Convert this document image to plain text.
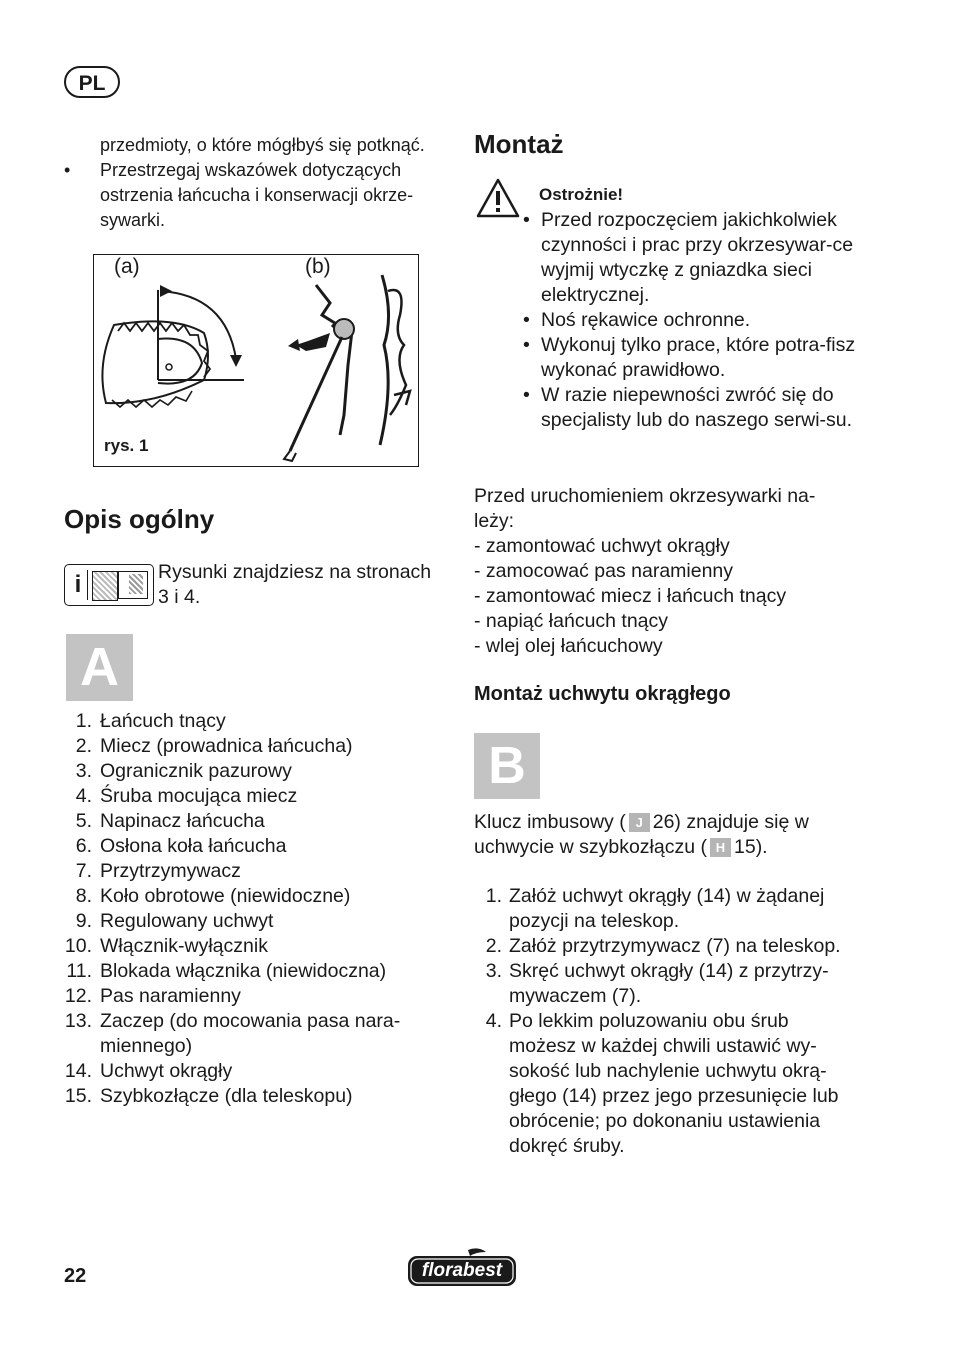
PL
przedmioty, o które mógłbyś się potknąć.
• Przestrzegaj wskazówek dotyczących ostrzenia łańcucha i konserwacji okrze-sywarki.
(a)	(b)
rys. 1
Opis ogólny
i	Rysunki znajdziesz na stronach
3 i 4.
A
1. Łańcuch tnący
2. Miecz (prowadnica łańcucha)
3. Ogranicznik pazurowy
4. Śruba mocująca miecz
5. Napinacz łańcucha
6. Osłona koła łańcucha
7. Przytrzymywacz
8. Koło obrotowe (niewidoczne)
9. Regulowany uchwyt
10. Włącznik-wyłącznik
11. Blokada włącznika (niewidoczna)
12. Pas naramienny
13. Zaczep (do mocowania pasa nara-miennego)
14. Uchwyt okrągły
15. Szybkozłącze (dla teleskopu)
Montaż
Ostrożnie!
• Przed rozpoczęciem jakichkolwiek czynności i prac przy okrzesywar-ce wyjmij wtyczkę z gniazdka sieci elektrycznej.
• Noś rękawice ochronne.
• Wykonuj tylko prace, które potra-fisz wykonać prawidłowo.
• W razie niepewności zwróć się do specjalisty lub do naszego serwi-su.
Przed uruchomieniem okrzesywarki na-leży:
- zamontować uchwyt okrągły
- zamocować pas naramienny
- zamontować miecz i łańcuch tnący
- napiąć łańcuch tnący
- wlej olej łańcuchowy
Montaż uchwytu okrągłego
B
Klucz imbusowy ( J 26) znajduje się w
uchwycie w szybkozłączu ( H 15).
1. Załóż uchwyt okrągły (14) w żądanej pozycji na teleskop.
2. Załóż przytrzymywacz (7) na teleskop.
3. Skręć uchwyt okrągły (14) z przytrzy-mywaczem (7).
4. Po lekkim poluzowaniu obu śrub możesz w każdej chwili ustawić wy-sokość lub nachylenie uchwytu okrą-głego (14) przez jego przesunięcie lub obrócenie; po dokonaniu ustawienia dokręć śruby.
22	florabest
